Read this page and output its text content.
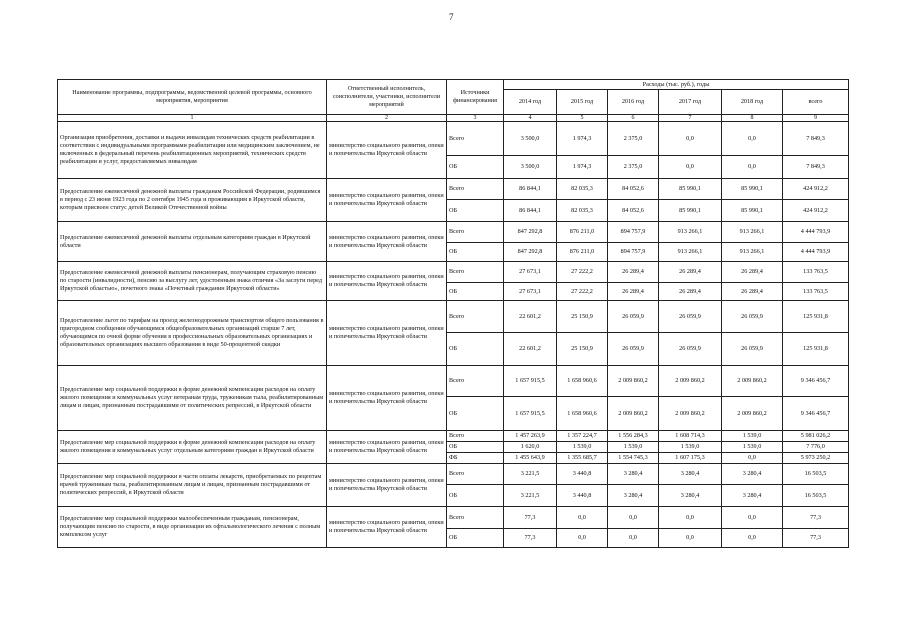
7
Наименование программы, подпрограммы, ведомственной целевой программы, основного мероприятия, мероприятия	Ответственный исполнитель, соисполнители, участники, исполнители мероприятий	Источники финансирования	Расходы (тыс. руб.), годы					
			2014 год	2015 год	2016 год	2017 год	2018 год	всего
1	2	3	4	5	6	7	8	9
Организация приобретения, доставки и выдачи инвалидам технических средств реабилитации в соответствии с индивидуальными программами реабилитации или медицинским заключением, не включенных в федеральный перечень реабилитационных мероприятий, технических средств реабилитации и услуг, предоставляемых инвалидам	министерство социального развития, опеки и попечительства Иркутской области	Всего	3 500,0	1 974,3	2 375,0	0,0	0,0	7 849,3
		ОБ	3 500,0	1 974,3	2 375,0	0,0	0,0	7 849,3
Предоставление ежемесячной денежной выплаты гражданам Российской Федерации, родившимся в период с 23 июня 1923 года по 2 сентября 1945 года и проживающим в Иркутской области, которым присвоен статус детей Великой Отечественной войны	министерство социального развития, опеки и попечительства Иркутской области	Всего	86 844,1	82 035,3	84 052,6	85 990,1	85 990,1	424 912,2
		ОБ	86 844,1	82 035,3	84 052,6	85 990,1	85 990,1	424 912,2
Предоставление ежемесячной денежной выплаты отдельным категориям граждан в Иркутской области	министерство социального развития, опеки и попечительства Иркутской области	Всего	847 292,8	876 211,0	894 757,9	913 266,1	913 266,1	4 444 793,9
		ОБ	847 292,8	876 211,0	894 757,9	913 266,1	913 266,1	4 444 793,9
Предоставление ежемесячной денежной выплаты пенсионерам, получающим страховую пенсию по старости (инвалидности), пенсию за выслугу лет, удостоенным знака отличия «За заслуги перед Иркутской областью», почетного знака «Почетный гражданин Иркутской области»	министерство социального развития, опеки и попечительства Иркутской области	Всего	27 673,1	27 222,2	26 289,4	26 289,4	26 289,4	133 763,5
		ОБ	27 673,1	27 222,2	26 289,4	26 289,4	26 289,4	133 763,5
Предоставление льгот по тарифам на проезд железнодорожным транспортом общего пользования в пригородном сообщении обучающимся общеобразовательных организаций старше 7 лет, обучающимся по очной форме обучения в профессиональных образовательных организациях и образовательных организациях высшего образования в виде 50-процентной скидки	министерство социального развития, опеки и попечительства Иркутской области	Всего	22 601,2	25 150,9	26 059,9	26 059,9	26 059,9	125 931,8
		ОБ	22 601,2	25 150,9	26 059,9	26 059,9	26 059,9	125 931,8
Предоставление мер социальной поддержки в форме денежной компенсации расходов на оплату жилого помещения и коммунальных услуг ветеранам труда, труженикам тыла, реабилитированным лицам и лицам, признанным пострадавшими от политических репрессий, в Иркутской области	министерство социального развития, опеки и попечительства Иркутской области	Всего	1 657 915,5	1 658 960,6	2 009 860,2	2 009 860,2	2 009 860,2	9 346 456,7
		ОБ	1 657 915,5	1 658 960,6	2 009 860,2	2 009 860,2	2 009 860,2	9 346 456,7
Предоставление мер социальной поддержки в форме денежной компенсации расходов на оплату жилого помещения и коммунальных услуг отдельным категориям граждан в Иркутской области	министерство социального развития, опеки и попечительства Иркутской области	Всего	1 457 263,9	1 357 224,7	1 556 284,3	1 608 714,3	1 539,0	5 981 026,2
		ОБ	1 620,0	1 539,0	1 539,0	1 539,0	1 539,0	7 776,0
		ФБ	1 455 643,9	1 355 685,7	1 554 745,3	1 607 175,3	0,0	5 973 250,2
Предоставление мер социальной поддержки в части оплаты лекарств, приобретаемых по рецептам врачей труженикам тыла, реабилитированным лицам и лицам, признанным пострадавшими от политических репрессий, в Иркутской области	министерство социального развития, опеки и попечительства Иркутской области	Всего	3 221,5	3 440,8	3 280,4	3 280,4	3 280,4	16 503,5
		ОБ	3 221,5	3 440,8	3 280,4	3 280,4	3 280,4	16 503,5
Предоставление мер социальной поддержки малообеспеченным гражданам, пенсионерам, получающим пенсию по старости, в виде организации их офтальмологического лечения с полным комплексом услуг	министерство социального развития, опеки и попечительства Иркутской области	Всего	77,3	0,0	0,0	0,0	0,0	77,3
		ОБ	77,3	0,0	0,0	0,0	0,0	77,3
